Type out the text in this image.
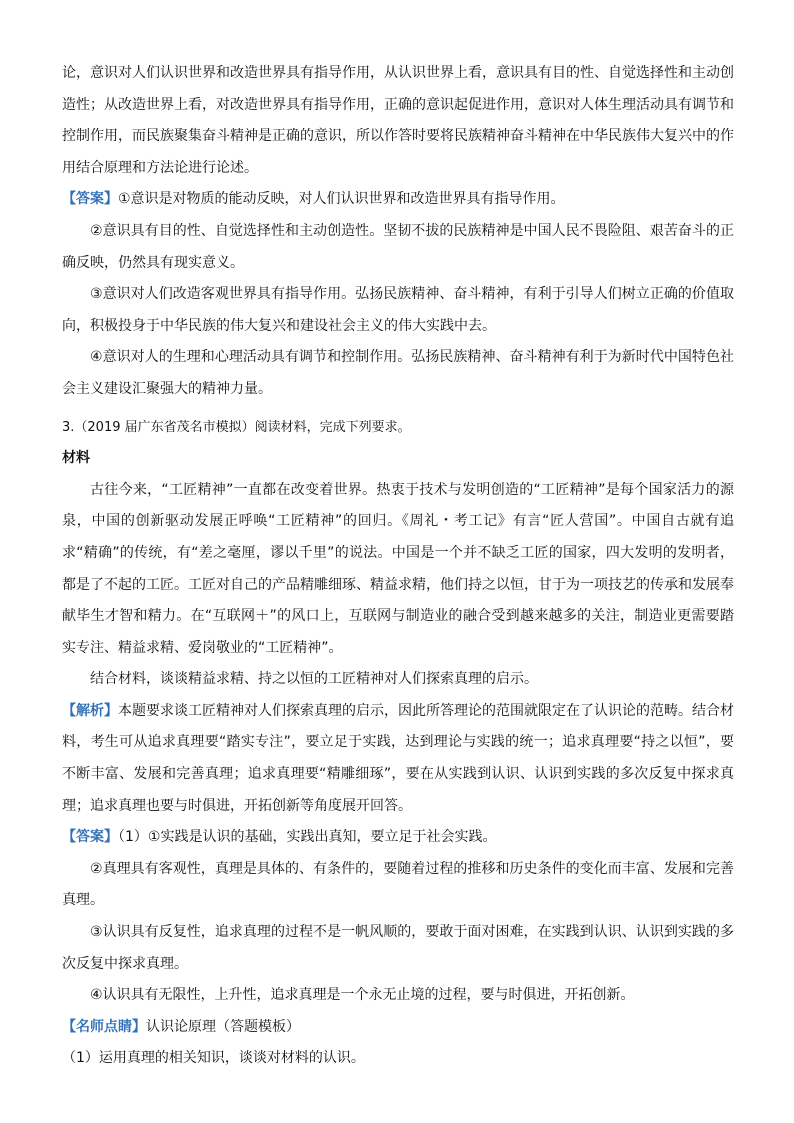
论，意识对人们认识世界和改造世界具有指导作用，从认识世界上看，意识具有目的性、自觉选择性和主动创造性；从改造世界上看，对改造世界具有指导作用，正确的意识起促进作用，意识对人体生理活动具有调节和控制作用，而民族聚集奋斗精神是正确的意识，所以作答时要将民族精神奋斗精神在中华民族伟大复兴中的作用结合原理和方法论进行论述。

【答案】①意识是对物质的能动反映，对人们认识世界和改造世界具有指导作用。

②意识具有目的性、自觉选择性和主动创造性。坚韧不拔的民族精神是中国人民不畏险阻、艰苦奋斗的正确反映，仍然具有现实意义。

③意识对人们改造客观世界具有指导作用。弘扬民族精神、奋斗精神，有利于引导人们树立正确的价值取向，积极投身于中华民族的伟大复兴和建设社会主义的伟大实践中去。

④意识对人的生理和心理活动具有调节和控制作用。弘扬民族精神、奋斗精神有利于为新时代中国特色社会主义建设汇聚强大的精神力量。

3.（2019 届广东省茂名市模拟）阅读材料，完成下列要求。

材料

古往今来，“工匠精神”一直都在改变着世界。热衷于技术与发明创造的“工匠精神”是每个国家活力的源泉，中国的创新驱动发展正呼唤“工匠精神”的回归。《周礼・考工记》有言“匠人营国”。中国自古就有追求“精确”的传统，有“差之毫厘，谬以千里”的说法。中国是一个并不缺乏工匠的国家，四大发明的发明者，都是了不起的工匠。工匠对自己的产品精雕细琢、精益求精，他们持之以恒，甘于为一项技艺的传承和发展奉献毕生才智和精力。在“互联网＋”的风口上，互联网与制造业的融合受到越来越多的关注，制造业更需要踏实专注、精益求精、爱岗敬业的“工匠精神”。

结合材料，谈谈精益求精、持之以恒的工匠精神对人们探索真理的启示。

【解析】本题要求谈工匠精神对人们探索真理的启示，因此所答理论的范围就限定在了认识论的范畴。结合材料，考生可从追求真理要“踏实专注”，要立足于实践，达到理论与实践的统一；追求真理要“持之以恒”，要不断丰富、发展和完善真理；追求真理要“精雕细琢”，要在从实践到认识、认识到实践的多次反复中探求真理；追求真理也要与时俱进，开拓创新等角度展开回答。

【答案】（1）①实践是认识的基础，实践出真知，要立足于社会实践。

②真理具有客观性，真理是具体的、有条件的，要随着过程的推移和历史条件的变化而丰富、发展和完善真理。

③认识具有反复性，追求真理的过程不是一帆风顺的，要敢于面对困难，在实践到认识、认识到实践的多次反复中探求真理。

④认识具有无限性，上升性，追求真理是一个永无止境的过程，要与时俱进，开拓创新。

【名师点睛】认识论原理（答题模板）

（1）运用真理的相关知识，谈谈对材料的认识。
